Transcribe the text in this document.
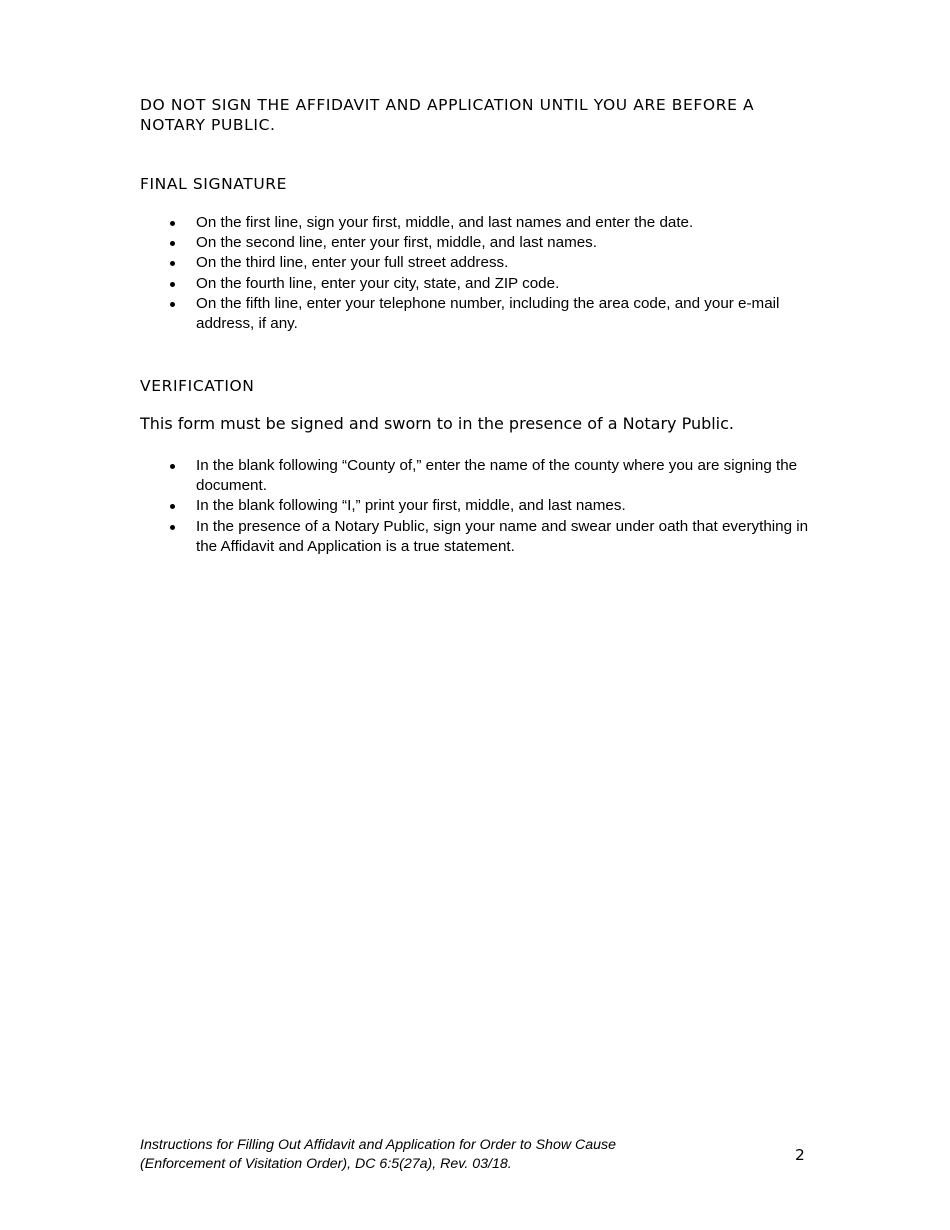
DO NOT SIGN THE AFFIDAVIT AND APPLICATION UNTIL YOU ARE BEFORE A NOTARY PUBLIC.
FINAL SIGNATURE
On the first line, sign your first, middle, and last names and enter the date.
On the second line, enter your first, middle, and last names.
On the third line, enter your full street address.
On the fourth line, enter your city, state, and ZIP code.
On the fifth line, enter your telephone number, including the area code, and your e-mail address, if any.
VERIFICATION
This form must be signed and sworn to in the presence of a Notary Public.
In the blank following “County of,” enter the name of the county where you are signing the document.
In the blank following “I,” print your first, middle, and last names.
In the presence of a Notary Public, sign your name and swear under oath that everything in the Affidavit and Application is a true statement.
Instructions for Filling Out Affidavit and Application for Order to Show Cause
(Enforcement of Visitation Order), DC 6:5(27a), Rev. 03/18.	2
